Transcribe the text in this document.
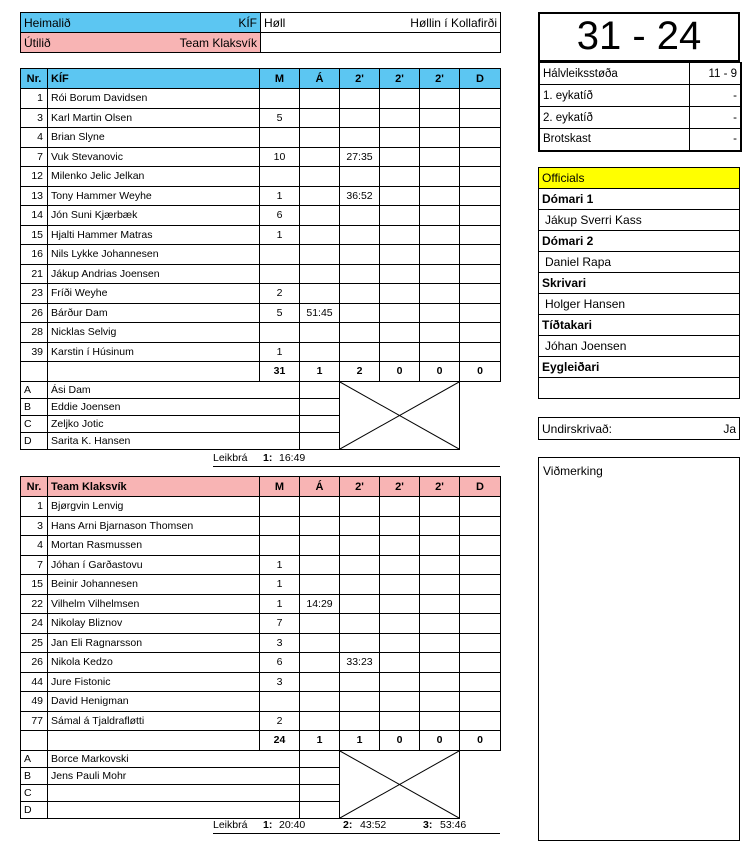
Heimalið KÍF	Høll Høllin í Kollafirði

Útilið Team Klaksvík	

Nr.	KÍF	M	Á	2'	2'	2'	D
1	Rói Borum Davidsen						
3	Karl Martin Olsen	5					
4	Brian Slyne						
7	Vuk Stevanovic	10		27:35			
12	Milenko Jelic Jelkan						
13	Tony Hammer Weyhe	1		36:52			
14	Jón Suni Kjærbæk	6					
15	Hjalti Hammer Matras	1					
16	Nils Lykke Johannesen						
21	Jákup Andrias Joensen						
23	Fríði Weyhe	2					
26	Bárður Dam	5	51:45				
28	Nicklas Selvig						
39	Karstin í Húsinum	1					
		31	1	2	0	0	0
A	Ási Dam		

B	Eddie Joensen						
C	Zeljko Jotic						
D	Sarita K. Hansen						
Leikbrá 1: 16:49
Nr.	Team Klaksvík	M	Á	2'	2'	2'	D
1	Bjørgvin Lenvig						
3	Hans Arni Bjarnason Thomsen						
4	Mortan Rasmussen						
7	Jóhan í Garðastovu	1					
15	Beinir Johannesen	1					
22	Vilhelm Vilhelmsen	1	14:29				
24	Nikolay Bliznov	7					
25	Jan Eli Ragnarsson	3					
26	Nikola Kedzo	6		33:23			
44	Jure Fistonic	3					
49	David Henigman						
77	Sámal á Tjaldrafløtti	2					
		24	1	1	0	0	0
A	Borce Markovski		

B	Jens Pauli Mohr						
C							
D							
Leikbrá 1: 20:40	2: 43:52	3: 53:46
31 - 24
Hálvleiksstøða	11 - 9
1. eykatíð	-
2. eykatíð	-
Brotskast	-
Officials
Dómari 1
Jákup Sverri Kass
Dómari 2
Daniel Rapa
Skrivari
Holger Hansen
Tíðtakari
Jóhan Joensen
Eygleiðari

Undirskrivað:	Ja
Viðmerking
